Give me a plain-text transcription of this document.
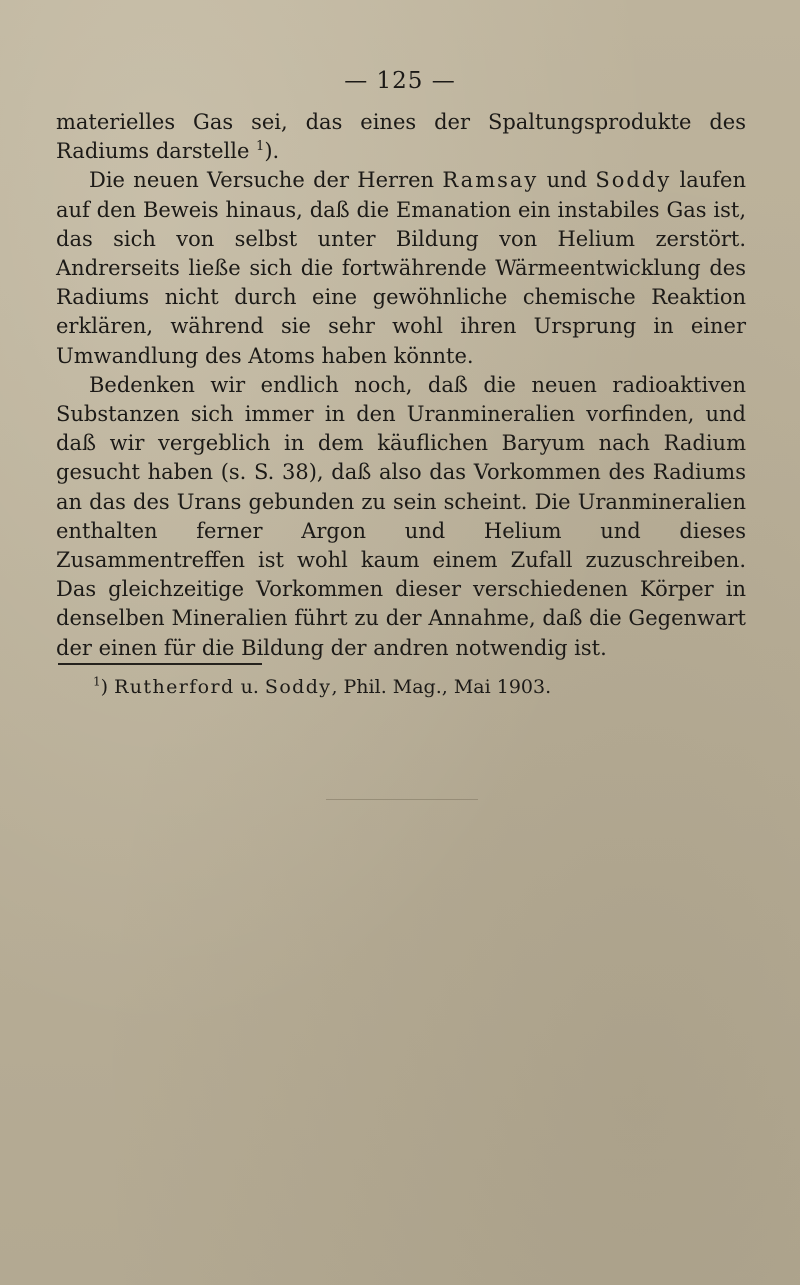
— 125 —

materielles Gas sei, das eines der Spaltungsprodukte des Radiums darstelle $^1$).

Die neuen Versuche der Herren Ramsay und Soddy laufen auf den Beweis hinaus, daß die Emanation ein instabiles Gas ist, das sich von selbst unter Bildung von Helium zerstört. Andrerseits ließe sich die fortwährende Wärmeentwicklung des Radiums nicht durch eine gewöhnliche chemische Reaktion erklären, während sie sehr wohl ihren Ursprung in einer Umwandlung des Atoms haben könnte.

Bedenken wir endlich noch, daß die neuen radioaktiven Substanzen sich immer in den Uranmineralien vorfinden, und daß wir vergeblich in dem käuflichen Baryum nach Radium gesucht haben (s. S. 38), daß also das Vorkommen des Radiums an das des Urans gebunden zu sein scheint. Die Uranmineralien enthalten ferner Argon und Helium und dieses Zusammentreffen ist wohl kaum einem Zufall zuzuschreiben. Das gleichzeitige Vorkommen dieser verschiedenen Körper in denselben Mineralien führt zu der Annahme, daß die Gegenwart der einen für die Bildung der andren notwendig ist.

$^1$) Rutherford u. Soddy, Phil. Mag., Mai 1903.
